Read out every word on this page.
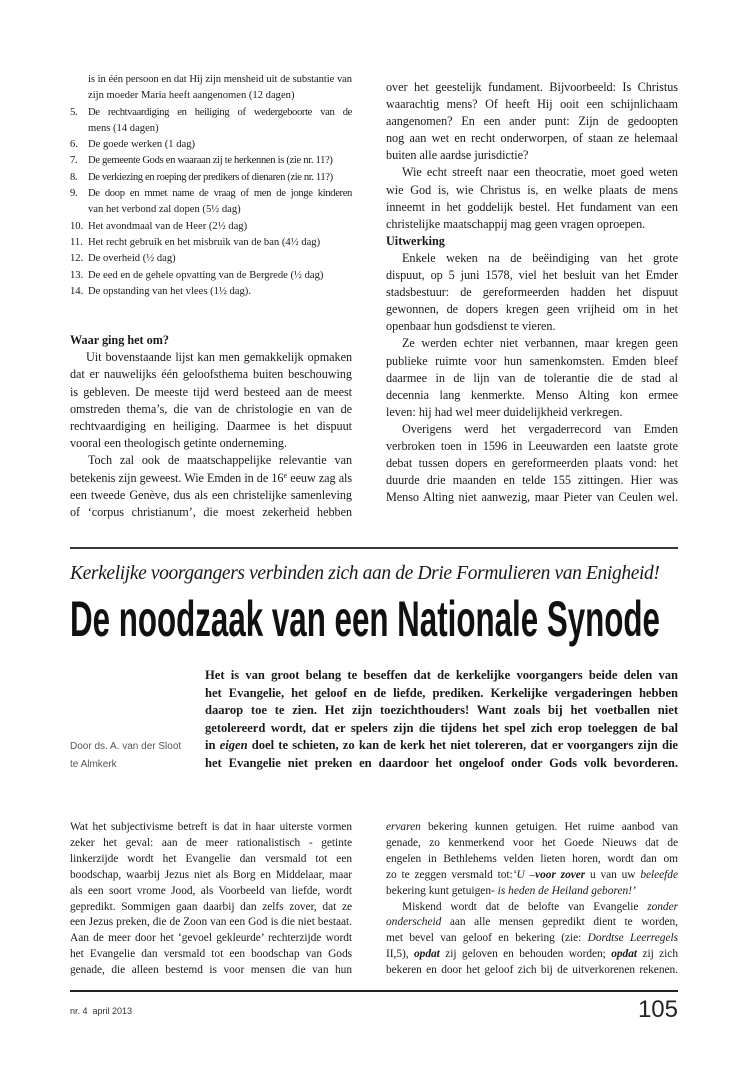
is in één persoon en dat Hij zijn mensheid uit de substantie van
zijn moeder Maria heeft aangenomen (12 dagen)
5. De rechtvaardiging en heiliging of wedergeboorte van de
mens (14 dagen)
6. De goede werken (1 dag)
7. De gemeente Gods en waaraan zij te herkennen is (zie nr. 11?)
8. De verkiezing en roeping der predikers of dienaren (zie nr. 11?)
9. De doop en mmet name de vraag of men de jonge kinderen
van het verbond zal dopen (5½ dag)
10. Het avondmaal van de Heer (2½ dag)
11. Het recht gebruik en het misbruik van de ban (4½ dag)
12. De overheid (½ dag)
13. De eed en de gehele opvatting van de Bergrede (½ dag)
14. De opstanding van het vlees (1½ dag).
Waar ging het om?
Uit bovenstaande lijst kan men gemakkelijk opmaken
dat er nauwelijks één geloofsthema buiten beschouwing
is gebleven. De meeste tijd werd besteed aan de meest
omstreden thema’s, die van de christologie en van de
rechtvaardiging en heiliging. Daarmee is het dispuut
vooral een theologisch getinte onderneming.
Toch zal ook de maatschappelijke relevantie van
betekenis zijn geweest. Wie Emden in de 16e eeuw zag als
een tweede Genève, dus als een christelijke samenleving
of ‘corpus christianum’, die moest zekerheid hebben
over het geestelijk fundament. Bijvoorbeeld: Is Christus
waarachtig mens? Of heeft Hij ooit een schijnlichaam
aangenomen? En een ander punt: Zijn de gedoopten
nog aan wet en recht onderworpen, of staan ze helemaal
buiten alle aardse jurisdictie?
Wie echt streeft naar een theocratie, moet goed weten
wie God is, wie Christus is, en welke plaats de mens
inneemt in het goddelijk bestel. Het fundament van een
christelijke maatschappij mag geen vragen oproepen.
Uitwerking
Enkele weken na de beëindiging van het grote
dispuut, op 5 juni 1578, viel het besluit van het Emder
stadsbestuur: de gereformeerden hadden het dispuut
gewonnen, de dopers kregen geen vrijheid om in het
openbaar hun godsdienst te vieren.
Ze werden echter niet verbannen, maar kregen geen
publieke ruimte voor hun samenkomsten. Emden bleef
daarmee in de lijn van de tolerantie die de stad al
decennia lang kenmerkte. Menso Alting kon ermee
leven: hij had wel meer duidelijkheid verkregen.
Overigens werd het vergaderrecord van Emden
verbroken toen in 1596 in Leeuwarden een laatste grote
debat tussen dopers en gereformeerden plaats vond: het
duurde drie maanden en telde 155 zittingen. Hier was
Menso Alting niet aanwezig, maar Pieter van Ceulen wel.
Kerkelijke voorgangers verbinden zich aan de Drie Formulieren van Enigheid!
De noodzaak van een Nationale Synode
Door ds. A. van der Sloot
te Almkerk
Het is van groot belang te beseffen dat de kerkelijke voorgangers beide delen van
het Evangelie, het geloof en de liefde, prediken. Kerkelijke vergaderingen hebben
daarop toe te zien. Het zijn toezichthouders! Want zoals bij het voetballen niet
getolereerd wordt, dat er spelers zijn die tijdens het spel zich erop toeleggen de bal
in eigen doel te schieten, zo kan de kerk het niet tolereren, dat er voorgangers zijn die
het Evangelie niet preken en daardoor het ongeloof onder Gods volk bevorderen.
Wat het subjectivisme betreft is dat in haar uiterste vormen
zeker het geval: aan de meer rationalistisch - getinte
linkerzijde wordt het Evangelie dan versmald tot een
boodschap, waarbij Jezus niet als Borg en Middelaar, maar
als een soort vrome Jood, als Voorbeeld van liefde, wordt
gepredikt. Sommigen gaan daarbij dan zelfs zover, dat ze
een Jezus preken, die de Zoon van een God is die niet bestaat.
Aan de meer door het ‘gevoel gekleurde’ rechterzijde wordt
het Evangelie dan versmald tot een boodschap van Gods
genade, die alleen bestemd is voor mensen die van hun
ervaren bekering kunnen getuigen. Het ruime aanbod van
genade, zo kenmerkend voor het Goede Nieuws dat de
engelen in Bethlehems velden lieten horen, wordt dan om
zo te zeggen versmald tot:‘U –voor zover u van uw beleefde
bekering kunt getuigen- is heden de Heiland geboren!’
Miskend wordt dat de belofte van Evangelie zonder
onderscheid aan alle mensen gepredikt dient te worden,
met bevel van geloof en bekering (zie: Dordtse Leerregels
II,5), opdat zij geloven en behouden worden; opdat zij zich
bekeren en door het geloof zich bij de uitverkorenen rekenen.
nr. 4  april 2013	105
